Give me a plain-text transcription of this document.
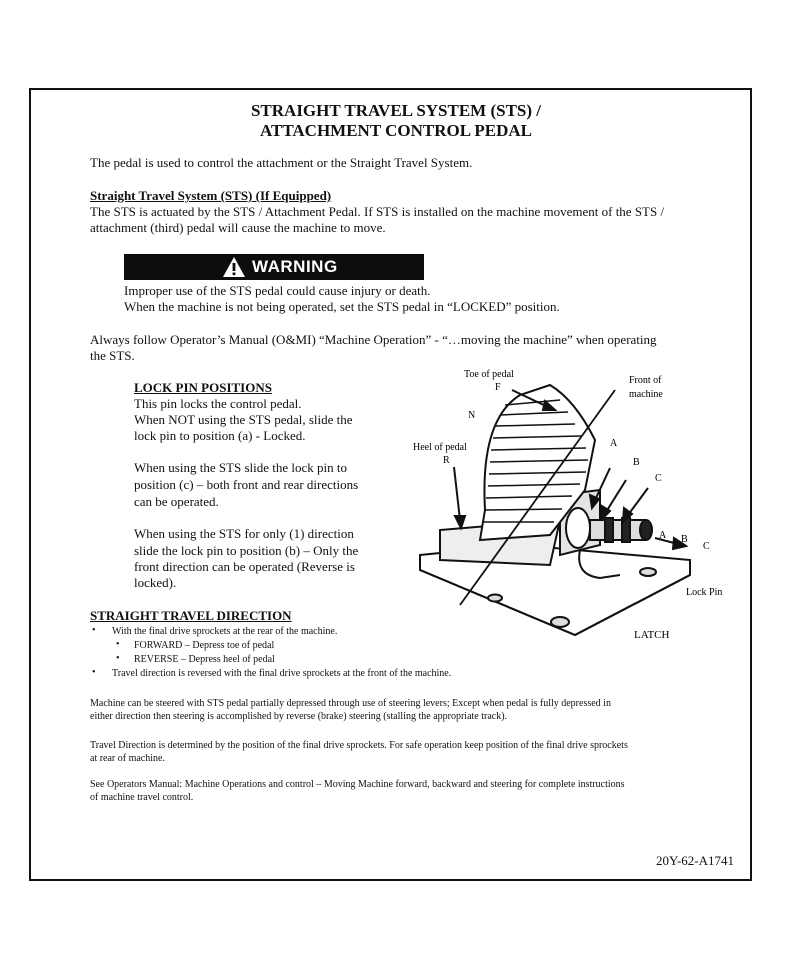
STRAIGHT TRAVEL SYSTEM (STS) /
ATTACHMENT CONTROL PEDAL
The pedal is used to control the attachment or the Straight Travel System.
Straight Travel System (STS) (If Equipped)
The STS is actuated by the STS / Attachment Pedal. If STS is installed on the machine movement of the STS /
attachment (third) pedal will cause the machine to move.
WARNING
Improper use of the STS pedal could cause injury or death.
When the machine is not being operated, set the STS pedal in “LOCKED” position.
Always follow Operator’s Manual (O&MI) “Machine Operation” - “…moving the machine” when operating
the STS.
LOCK PIN POSITIONS
This pin locks the control pedal.
When NOT using the STS pedal, slide the
lock pin to position (a) - Locked.
When using the STS slide the lock pin to
position (c) – both front and rear directions
can be operated.
When using the STS for only (1) direction
slide the lock pin to position (b) – Only the
front direction can be operated (Reverse is
locked).
Toe of pedal
F
Front of
machine
N
Heel of pedal
R
A
B
C
A B
C
Lock Pin
LATCH
STRAIGHT TRAVEL DIRECTION
• With the final drive sprockets at the rear of the machine.
• FORWARD – Depress toe of pedal
• REVERSE – Depress heel of pedal
• Travel direction is reversed with the final drive sprockets at the front of the machine.
Machine can be steered with STS pedal partially depressed through use of steering levers; Except when pedal is fully depressed in
either direction then steering is accomplished by reverse (brake) steering (stalling the appropriate track).
Travel Direction is determined by the position of the final drive sprockets. For safe operation keep position of the final drive sprockets
at rear of machine.
See Operators Manual: Machine Operations and control – Moving Machine forward, backward and steering for complete instructions
of machine travel control.
20Y-62-A1741
